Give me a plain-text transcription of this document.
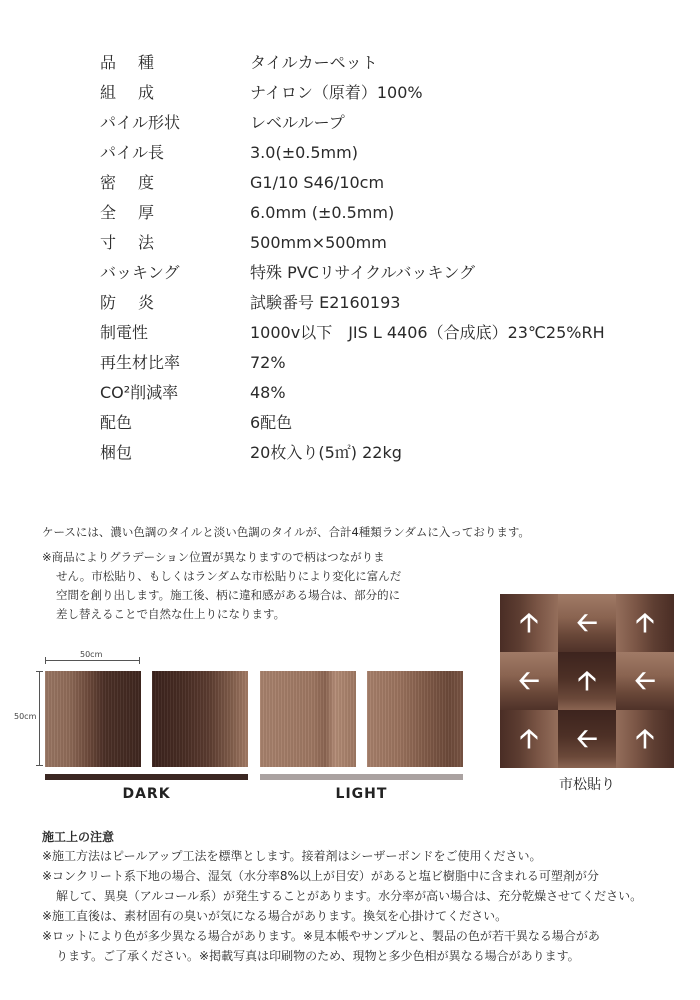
品種	タイルカーペット
組成	ナイロン（原着）100%
パイル形状	レベルループ
パイル長	3.0(±0.5mm)
密度	G1/10 S46/10cm
全厚	6.0mm (±0.5mm)
寸法	500mm×500mm
バッキング	特殊 PVCリサイクルバッキング
防炎	試験番号 E2160193
制電性	1000v以下　JIS L 4406（合成底）23℃25%RH
再生材比率	72%
CO²削減率	48%
配色	6配色
梱包	20枚入り(5㎡) 22kg
ケースには、濃い色調のタイルと淡い色調のタイルが、合計4種類ランダムに入っております。
※商品によりグラデーション位置が異なりますので柄はつながりま
せん。市松貼り、もしくはランダムな市松貼りにより変化に富んだ
空間を創り出します。施工後、柄に違和感がある場合は、部分的に
差し替えることで自然な仕上りになります。
50cm
50cm
DARK	LIGHT
🡡 🡠 🡡
🡠 🡡 🡠
🡡 🡠 🡡
市松貼り
施工上の注意
※施工方法はピールアップ工法を標準とします。接着剤はシーザーボンドをご使用ください。
※コンクリート系下地の場合、湿気（水分率8%以上が目安）があると塩ビ樹脂中に含まれる可塑剤が分
解して、異臭（アルコール系）が発生することがあります。水分率が高い場合は、充分乾燥させてください。
※施工直後は、素材固有の臭いが気になる場合があります。換気を心掛けてください。
※ロットにより色が多少異なる場合があります。※見本帳やサンプルと、製品の色が若干異なる場合があ
ります。ご了承ください。※掲載写真は印刷物のため、現物と多少色相が異なる場合があります。
